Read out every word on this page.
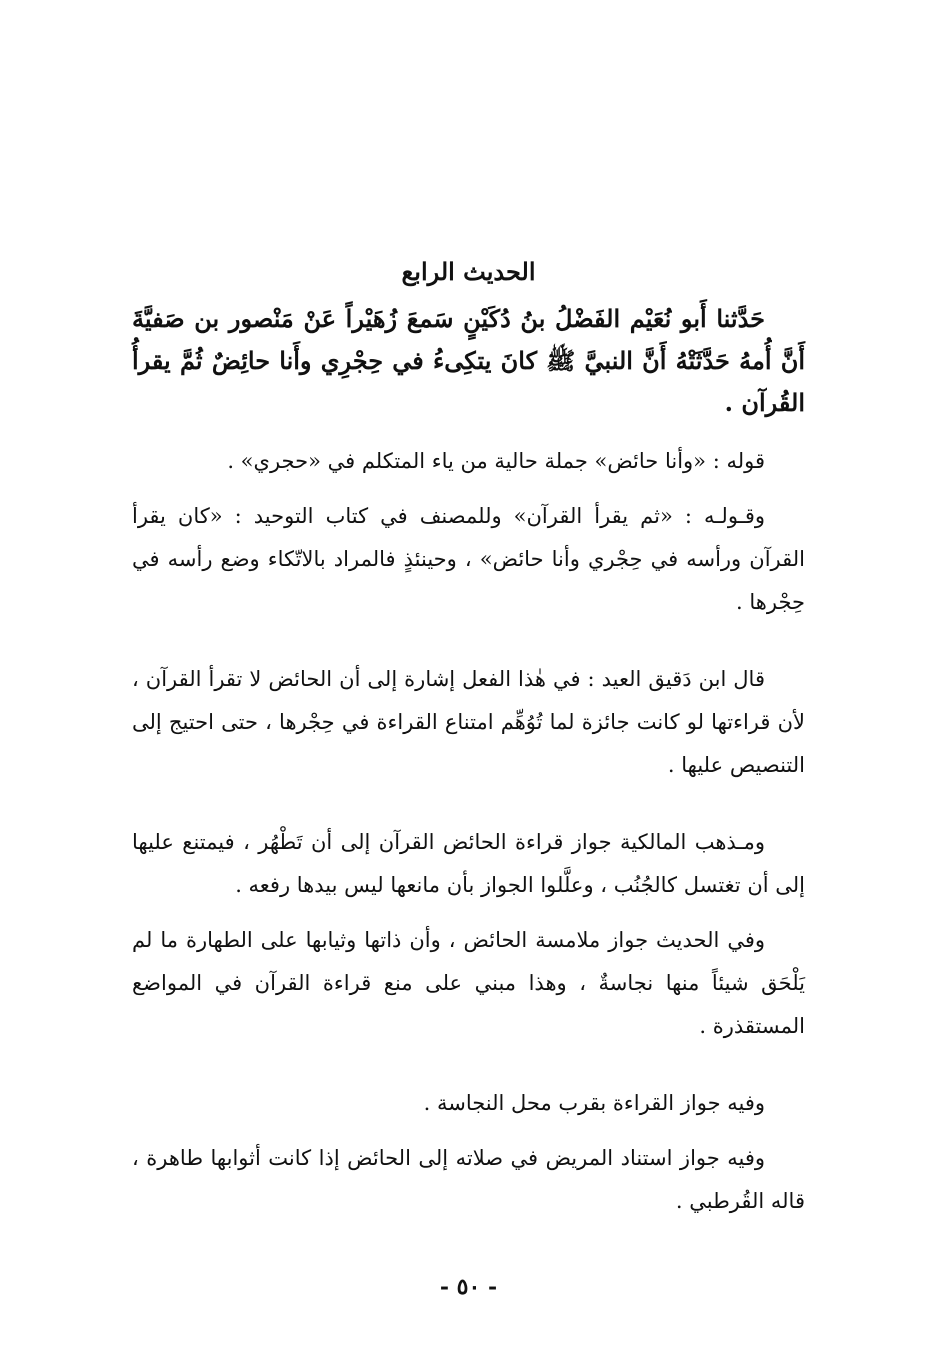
الحديث الرابع

حَدَّثنا أَبو نُعَيْم الفَضْلُ بنُ دُكَيْنٍ سَمعَ زُهَيْراً عَنْ مَنْصور بن صَفيَّةَ أَنَّ أُمهُ حَدَّثَتْهُ أَنَّ النبيَّ ﷺ كانَ يتكِىءُ في حِجْرِي وأَنا حائِضٌ ثُمَّ يقرأُ القُرآن .

قوله : «وأنا حائض» جملة حالية من ياء المتكلم في «حجري» .

وقـولـه : «ثم يقرأ القرآن» وللمصنف في كتاب التوحيد : «كان يقرأ القرآن ورأسه في حِجْري وأنا حائض» ، وحينئذٍ فالمراد بالاتّكاء وضع رأسه في حِجْرها .

قال ابن دَقيق العيد : في هٰذا الفعل إشارة إلى أن الحائض لا تقرأ القرآن ، لأن قراءتها لو كانت جائزة لما تُوُهِّم امتناع القراءة في حِجْرها ، حتى احتيج إلى التنصيص عليها .

ومـذهب المالكية جواز قراءة الحائض القرآن إلى أن تَطْهُر ، فيمتنع عليها إلى أن تغتسل كالجُنُب ، وعلَّلوا الجواز بأن مانعها ليس بيدها رفعه .

وفي الحديث جواز ملامسة الحائض ، وأن ذاتها وثيابها على الطهارة ما لم يَلْحَق شيئاً منها نجاسةٌ ، وهذا مبني على منع قراءة القرآن في المواضع المستقذرة .

وفيه جواز القراءة بقرب محل النجاسة .

وفيه جواز استناد المريض في صلاته إلى الحائض إذا كانت أثوابها طاهرة ، قاله القُرطبي .

- ٥٠ -
